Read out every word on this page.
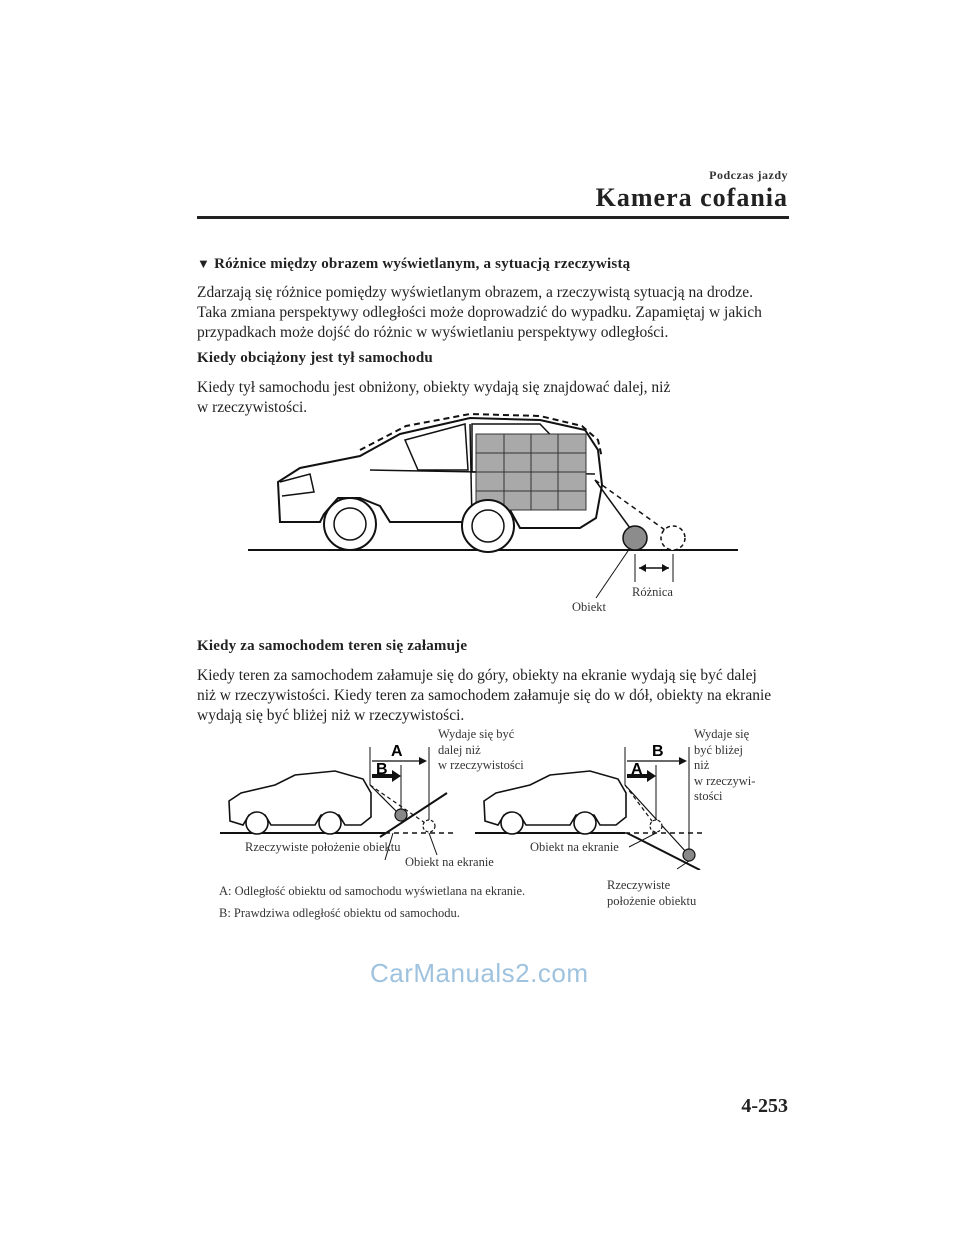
Podczas jazdy
Kamera cofania
▼ Różnice między obrazem wyświetlanym, a sytuacją rzeczywistą
Zdarzają się różnice pomiędzy wyświetlanym obrazem, a rzeczywistą sytuacją na drodze.
Taka zmiana perspektywy odległości może doprowadzić do wypadku. Zapamiętaj w jakich
przypadkach może dojść do różnic w wyświetlaniu perspektywy odległości.
Kiedy obciążony jest tył samochodu
Kiedy tył samochodu jest obniżony, obiekty wydają się znajdować dalej, niż
w rzeczywistości.
Różnica
Obiekt
Kiedy za samochodem teren się załamuje
Kiedy teren za samochodem załamuje się do góry, obiekty na ekranie wydają się być dalej
niż w rzeczywistości. Kiedy teren za samochodem załamuje się do w dół, obiekty na ekranie
wydają się być bliżej niż w rzeczywistości.
A
B
B
A
Wydaje się być
dalej niż
w rzeczywistości
Wydaje się
być bliżej
niż
w rzeczywi-
stości
Rzeczywiste położenie obiektu
Obiekt na ekranie
Obiekt na ekranie
Rzeczywiste
położenie obiektu
A: Odległość obiektu od samochodu wyświetlana na ekranie.
B: Prawdziwa odległość obiektu od samochodu.
CarManuals2.com
4-253
